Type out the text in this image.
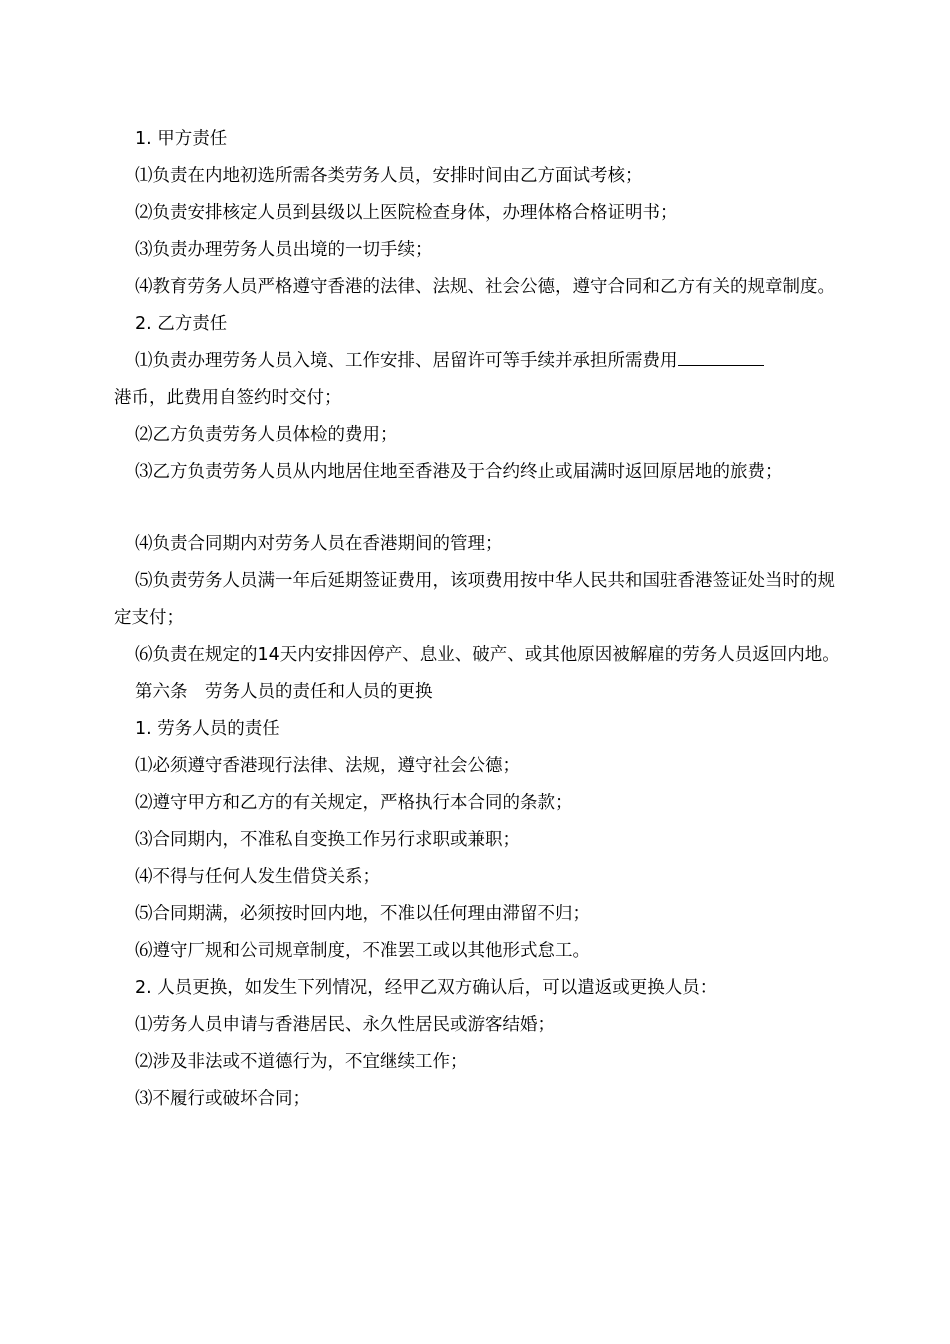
1. 甲方责任

⑴负责在内地初选所需各类劳务人员，安排时间由乙方面试考核；

⑵负责安排核定人员到县级以上医院检查身体，办理体格合格证明书；

⑶负责办理劳务人员出境的一切手续；

⑷教育劳务人员严格遵守香港的法律、法规、社会公德，遵守合同和乙方有关的规章制度。

2. 乙方责任

⑴负责办理劳务人员入境、工作安排、居留许可等手续并承担所需费用

港币，此费用自签约时交付；

⑵乙方负责劳务人员体检的费用；

⑶乙方负责劳务人员从内地居住地至香港及于合约终止或届满时返回原居地的旅费；

⑷负责合同期内对劳务人员在香港期间的管理；

⑸负责劳务人员满一年后延期签证费用，该项费用按中华人民共和国驻香港签证处当时的规定支付；

⑹负责在规定的14天内安排因停产、息业、破产、或其他原因被解雇的劳务人员返回内地。

第六条　劳务人员的责任和人员的更换

1. 劳务人员的责任

⑴必须遵守香港现行法律、法规，遵守社会公德；

⑵遵守甲方和乙方的有关规定，严格执行本合同的条款；

⑶合同期内，不准私自变换工作另行求职或兼职；

⑷不得与任何人发生借贷关系；

⑸合同期满，必须按时回内地，不准以任何理由滞留不归；

⑹遵守厂规和公司规章制度，不准罢工或以其他形式怠工。

2. 人员更换，如发生下列情况，经甲乙双方确认后，可以遣返或更换人员：

⑴劳务人员申请与香港居民、永久性居民或游客结婚；

⑵涉及非法或不道德行为，不宜继续工作；

⑶不履行或破坏合同；
